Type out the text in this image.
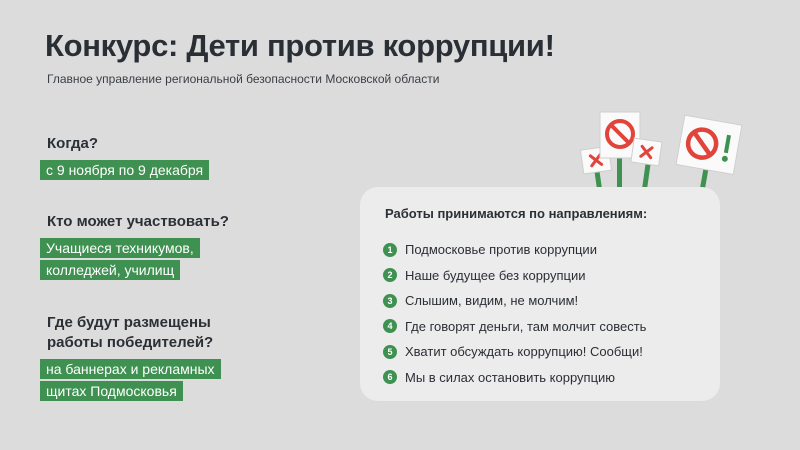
Конкурс: Дети против коррупции!
Главное управление региональной безопасности Московской области
Когда?
с 9 ноября по 9 декабря
Кто может участвовать?
Учащиеся техникумов,
колледжей, училищ
Где будут размещены
работы победителей?
на баннерах и рекламных
щитах Подмосковья
Работы принимаются по направлениям:
1 Подмосковье против коррупции
2 Наше будущее без коррупции
3 Слышим, видим, не молчим!
4 Где говорят деньги, там молчит совесть
5 Хватит обсуждать коррупцию! Сообщи!
6 Мы в силах остановить коррупцию
